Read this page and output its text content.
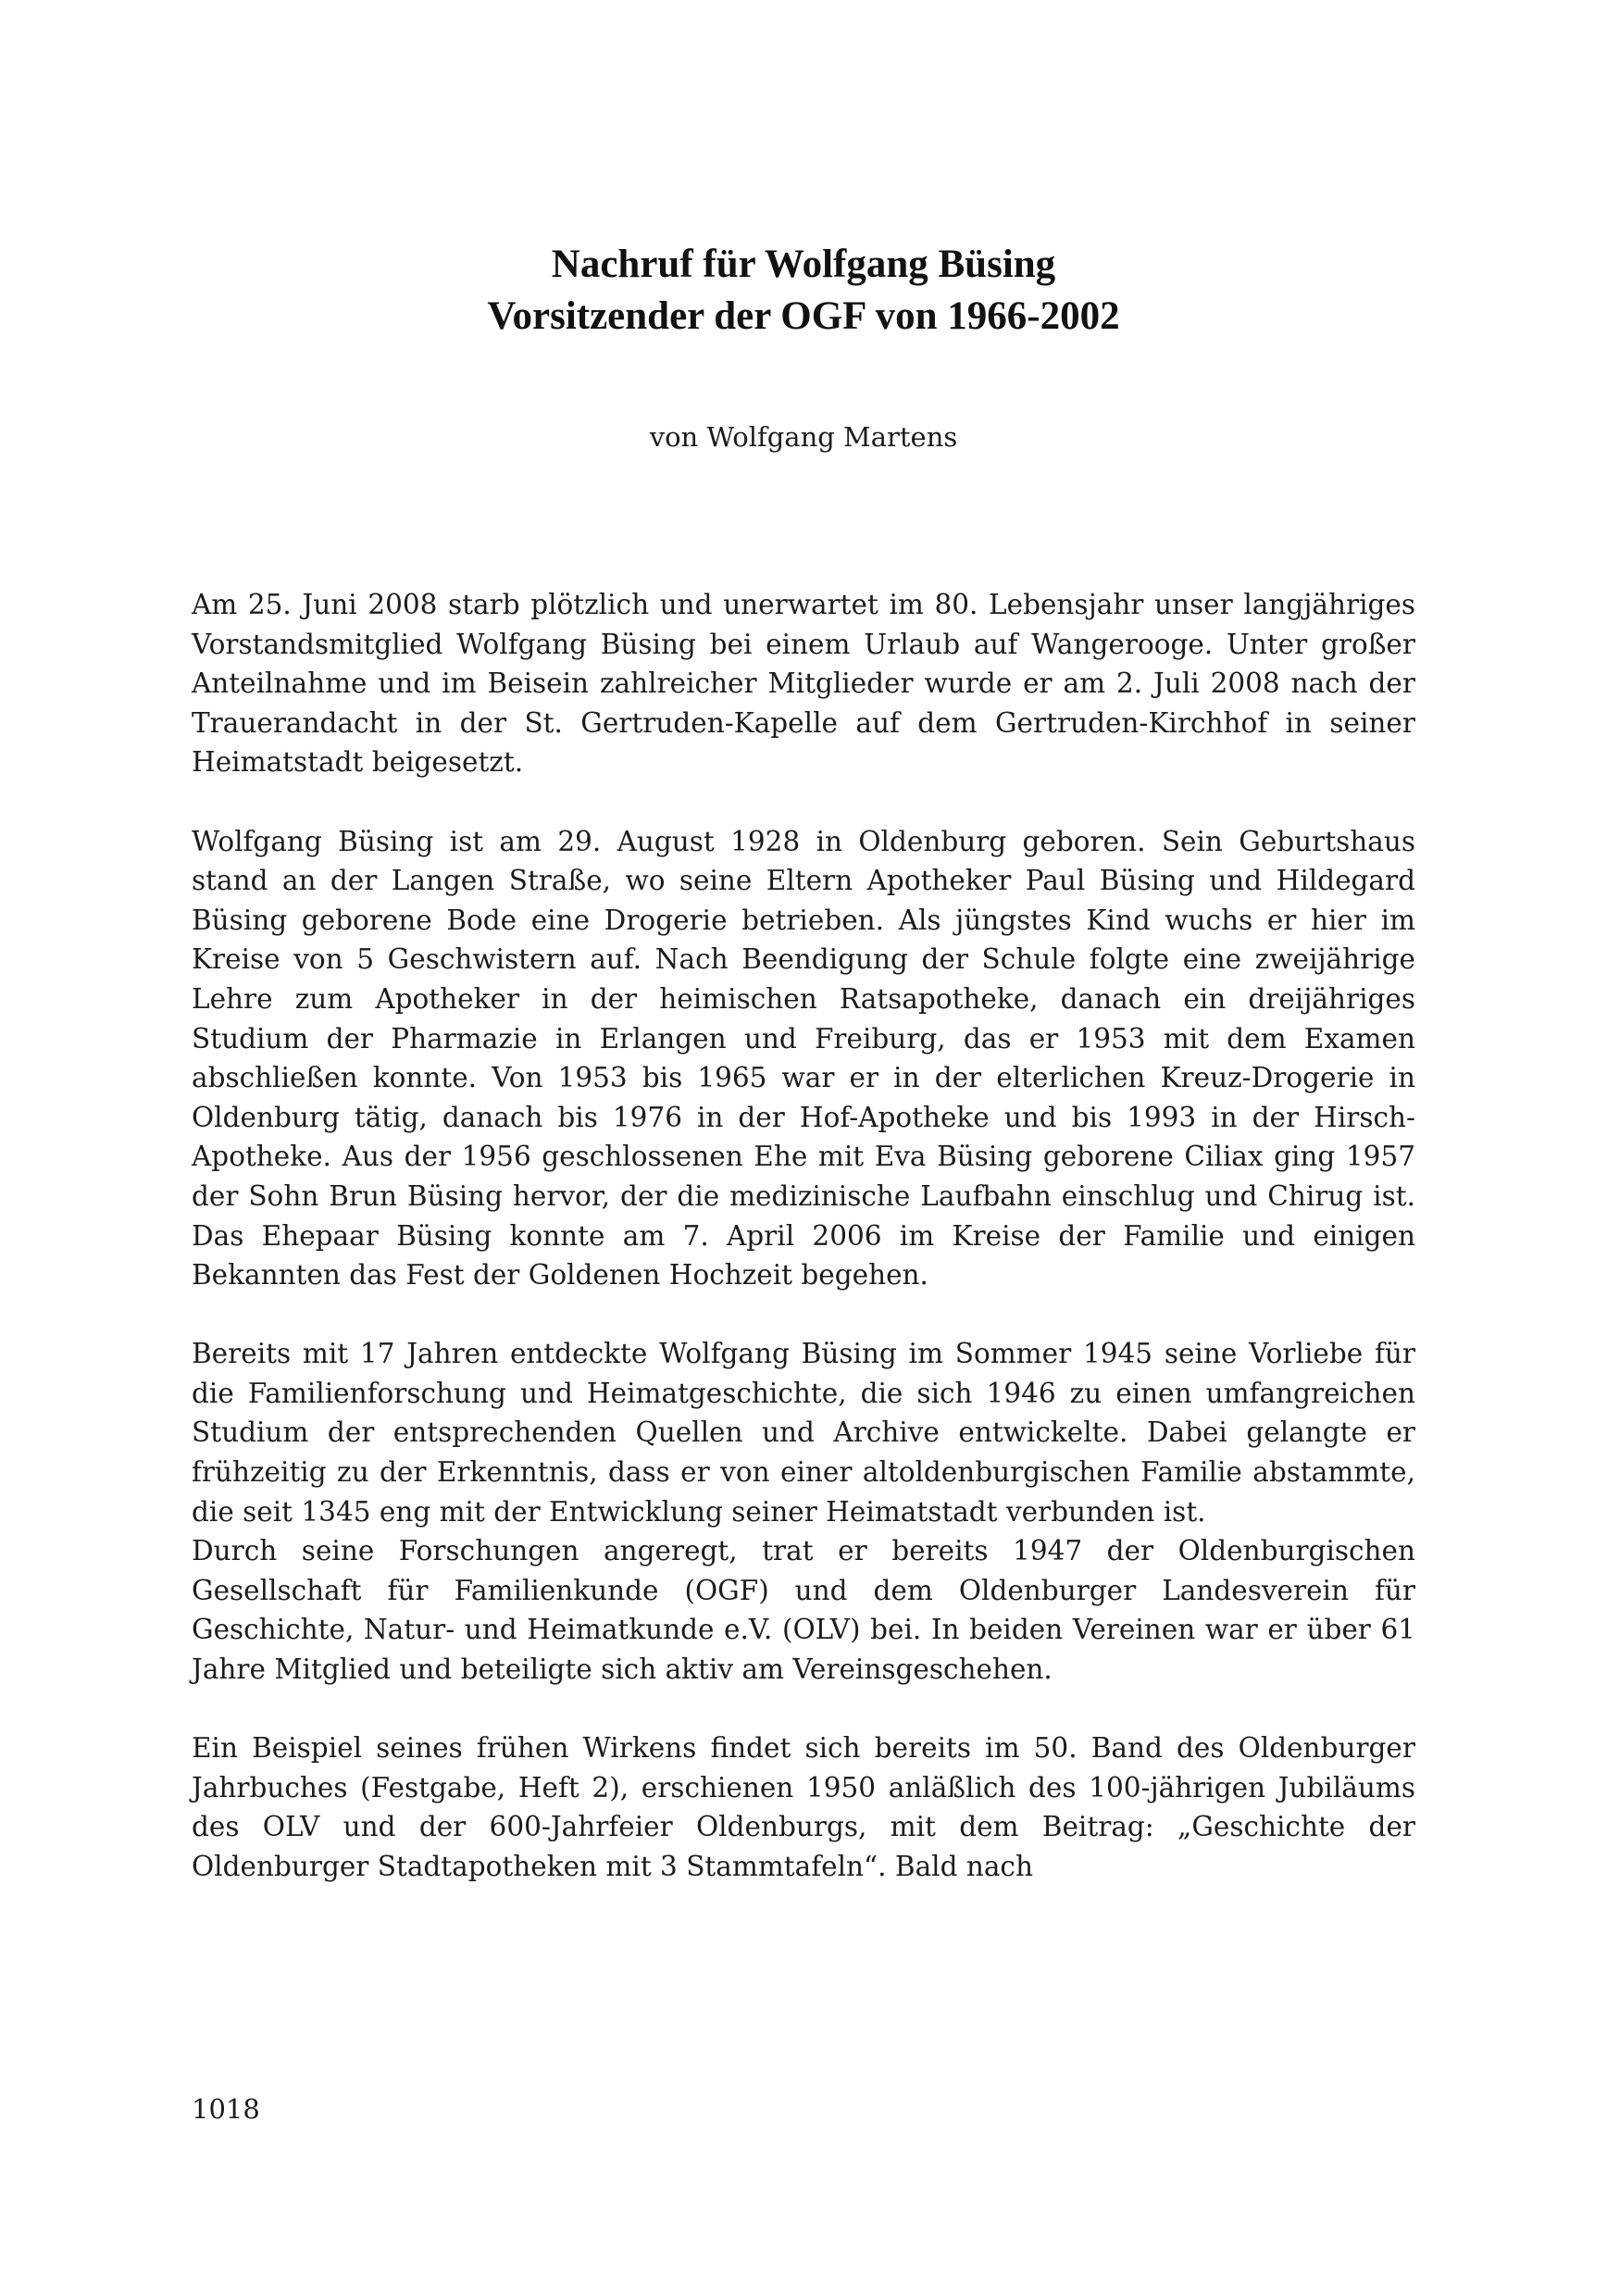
Nachruf für Wolfgang Büsing
Vorsitzender der OGF von 1966-2002
von Wolfgang Martens

Am 25. Juni 2008 starb plötzlich und unerwartet im 80. Lebensjahr unser langjähriges Vorstandsmitglied Wolfgang Büsing bei einem Urlaub auf Wangerooge. Unter großer Anteilnahme und im Beisein zahlreicher Mitglieder wurde er am 2. Juli 2008 nach der Trauerandacht in der St. Gertruden-Kapelle auf dem Gertruden-Kirchhof in seiner Heimatstadt beigesetzt.

Wolfgang Büsing ist am 29. August 1928 in Oldenburg geboren. Sein Geburtshaus stand an der Langen Straße, wo seine Eltern Apotheker Paul Büsing und Hildegard Büsing geborene Bode eine Drogerie betrieben. Als jüngstes Kind wuchs er hier im Kreise von 5 Geschwistern auf. Nach Beendigung der Schule folgte eine zweijährige Lehre zum Apotheker in der heimischen Ratsapotheke, danach ein dreijähriges Studium der Pharmazie in Erlangen und Freiburg, das er 1953 mit dem Examen abschließen konnte. Von 1953 bis 1965 war er in der elterlichen Kreuz-Drogerie in Oldenburg tätig, danach bis 1976 in der Hof-Apotheke und bis 1993 in der Hirsch-Apotheke. Aus der 1956 geschlossenen Ehe mit Eva Büsing geborene Ciliax ging 1957 der Sohn Brun Büsing hervor, der die medizinische Laufbahn einschlug und Chirug ist. Das Ehepaar Büsing konnte am 7. April 2006 im Kreise der Familie und einigen Bekannten das Fest der Goldenen Hochzeit begehen.

Bereits mit 17 Jahren entdeckte Wolfgang Büsing im Sommer 1945 seine Vorliebe für die Familienforschung und Heimatgeschichte, die sich 1946 zu einen umfangreichen Studium der entsprechenden Quellen und Archive entwickelte. Dabei gelangte er frühzeitig zu der Erkenntnis, dass er von einer altoldenburgischen Familie abstammte, die seit 1345 eng mit der Entwicklung seiner Heimatstadt verbunden ist.

Durch seine Forschungen angeregt, trat er bereits 1947 der Oldenburgischen Gesellschaft für Familienkunde (OGF) und dem Oldenburger Landesverein für Geschichte, Natur- und Heimatkunde e.V. (OLV) bei. In beiden Vereinen war er über 61 Jahre Mitglied und beteiligte sich aktiv am Vereinsgeschehen.

Ein Beispiel seines frühen Wirkens findet sich bereits im 50. Band des Oldenburger Jahrbuches (Festgabe, Heft 2), erschienen 1950 anläßlich des 100-jährigen Jubiläums des OLV und der 600-Jahrfeier Oldenburgs, mit dem Beitrag: „Geschichte der Oldenburger Stadtapotheken mit 3 Stammtafeln“. Bald nach

1018
